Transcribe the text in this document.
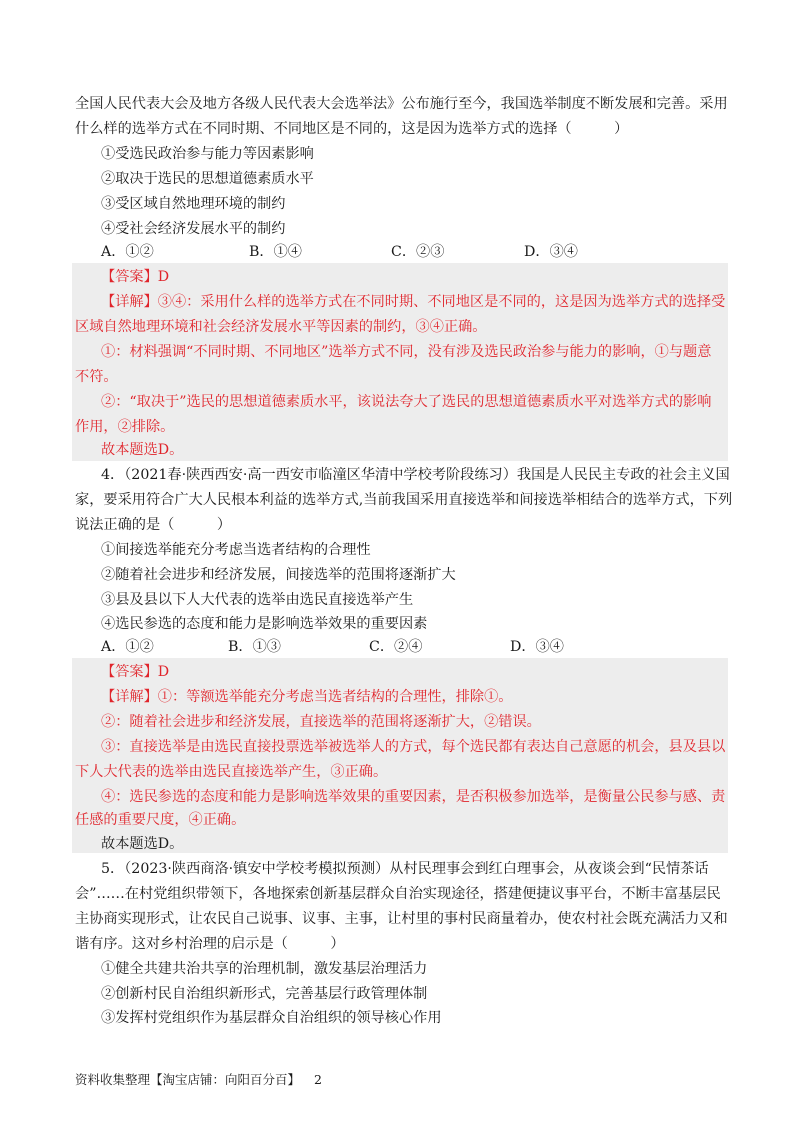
全国人民代表大会及地方各级人民代表大会选举法》公布施行至今，我国选举制度不断发展和完善。采用
什么样的选举方式在不同时期、不同地区是不同的，这是因为选举方式的选择（　　　）
①受选民政治参与能力等因素影响
②取决于选民的思想道德素质水平
③受区域自然地理环境的制约
④受社会经济发展水平的制约
A．①②	B．①④	C．②③	D．③④
【答案】D
【详解】③④：采用什么样的选举方式在不同时期、不同地区是不同的，这是因为选举方式的选择受
区域自然地理环境和社会经济发展水平等因素的制约，③④正确。
①：材料强调“不同时期、不同地区”选举方式不同，没有涉及选民政治参与能力的影响，①与题意
不符。
②：“取决于”选民的思想道德素质水平，该说法夸大了选民的思想道德素质水平对选举方式的影响
作用，②排除。
故本题选D。
4．（2021春·陕西西安·高一西安市临潼区华清中学校考阶段练习）我国是人民民主专政的社会主义国
家，要采用符合广大人民根本利益的选举方式,当前我国采用直接选举和间接选举相结合的选举方式，下列
说法正确的是（　　　）
①间接选举能充分考虑当选者结构的合理性
②随着社会进步和经济发展，间接选举的范围将逐渐扩大
③县及县以下人大代表的选举由选民直接选举产生
④选民参选的态度和能力是影响选举效果的重要因素
A．①②	B．①③	C．②④	D．③④
【答案】D
【详解】①：等额选举能充分考虑当选者结构的合理性，排除①。
②：随着社会进步和经济发展，直接选举的范围将逐渐扩大，②错误。
③：直接选举是由选民直接投票选举被选举人的方式，每个选民都有表达自己意愿的机会，县及县以
下人大代表的选举由选民直接选举产生，③正确。
④：选民参选的态度和能力是影响选举效果的重要因素，是否积极参加选举，是衡量公民参与感、责
任感的重要尺度，④正确。
故本题选D。
5．（2023·陕西商洛·镇安中学校考模拟预测）从村民理事会到红白理事会，从夜谈会到“民情茶话
会”……在村党组织带领下，各地探索创新基层群众自治实现途径，搭建便捷议事平台，不断丰富基层民
主协商实现形式，让农民自己说事、议事、主事，让村里的事村民商量着办，使农村社会既充满活力又和
谐有序。这对乡村治理的启示是（　　　）
①健全共建共治共享的治理机制，激发基层治理活力
②创新村民自治组织新形式，完善基层行政管理体制
③发挥村党组织作为基层群众自治组织的领导核心作用
资料收集整理【淘宝店铺：向阳百分百】 2
